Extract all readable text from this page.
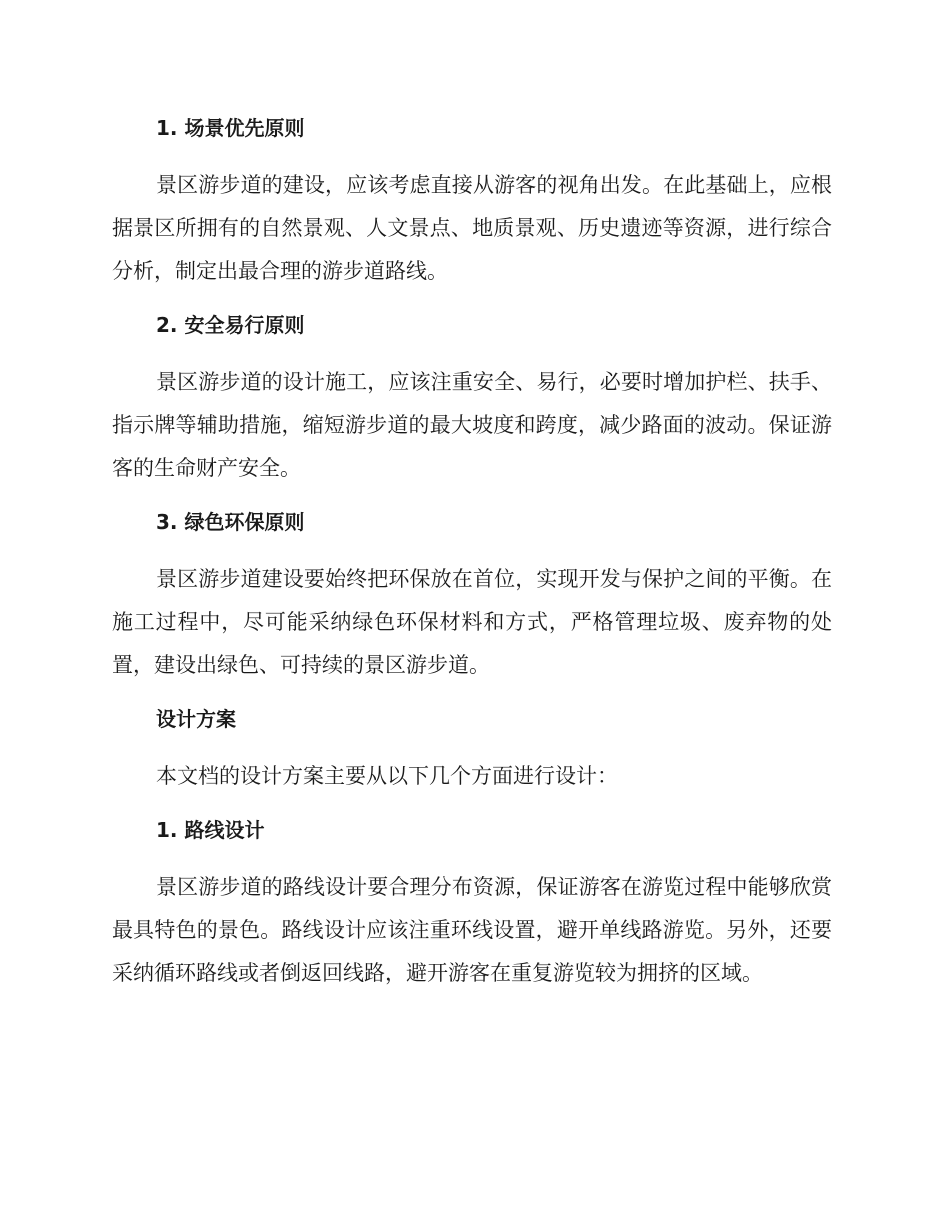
1. 场景优先原则

景区游步道的建设，应该考虑直接从游客的视角出发。在此基础上，应根据景区所拥有的自然景观、人文景点、地质景观、历史遗迹等资源，进行综合分析，制定出最合理的游步道路线。

2. 安全易行原则

景区游步道的设计施工，应该注重安全、易行，必要时增加护栏、扶手、指示牌等辅助措施，缩短游步道的最大坡度和跨度，减少路面的波动。保证游客的生命财产安全。

3. 绿色环保原则

景区游步道建设要始终把环保放在首位，实现开发与保护之间的平衡。在施工过程中，尽可能采纳绿色环保材料和方式，严格管理垃圾、废弃物的处置，建设出绿色、可持续的景区游步道。

设计方案

本文档的设计方案主要从以下几个方面进行设计：

1. 路线设计

景区游步道的路线设计要合理分布资源，保证游客在游览过程中能够欣赏最具特色的景色。路线设计应该注重环线设置，避开单线路游览。另外，还要采纳循环路线或者倒返回线路，避开游客在重复游览较为拥挤的区域。
